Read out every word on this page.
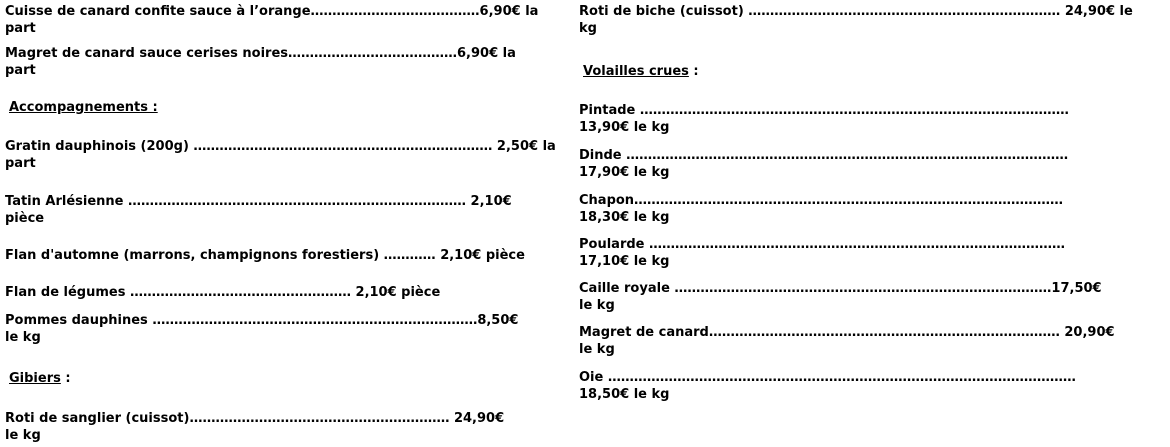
Cuisse de canard confite sauce à l’orange…………………………………6,90€ la
part
Magret de canard sauce cerises noires…………………………………6,90€ la
part
Accompagnements :
Gratin dauphinois (200g) …………………………………………………………… 2,50€ la
part
Tatin Arlésienne …………………………………………………………………… 2,10€
pièce
Flan d'automne (marrons, champignons forestiers) ………… 2,10€ pièce
Flan de légumes …………………………………………… 2,10€ pièce
Pommes dauphines …………………………………………………………………8,50€
le kg
Gibiers :
Roti de sanglier (cuissot)…………………………………………………… 24,90€
le kg
Roti de biche (cuissot) ……………………………………………………………… 24,90€ le
kg
Volailles crues :
Pintade ………………………………………………………………………………………
13,90€ le kg
Dinde …………………………………………………………………………………………
17,90€ le kg
Chapon………………………………………………………………………………………
18,30€ le kg
Poularde ……………………………………………………………………………………
17,10€ le kg
Caille royale ……………………………………………………………………………17,50€
le kg
Magret de canard……………………………………………………………………… 20,90€
le kg
Oie ………………………………………………………………………………………………
18,50€ le kg
